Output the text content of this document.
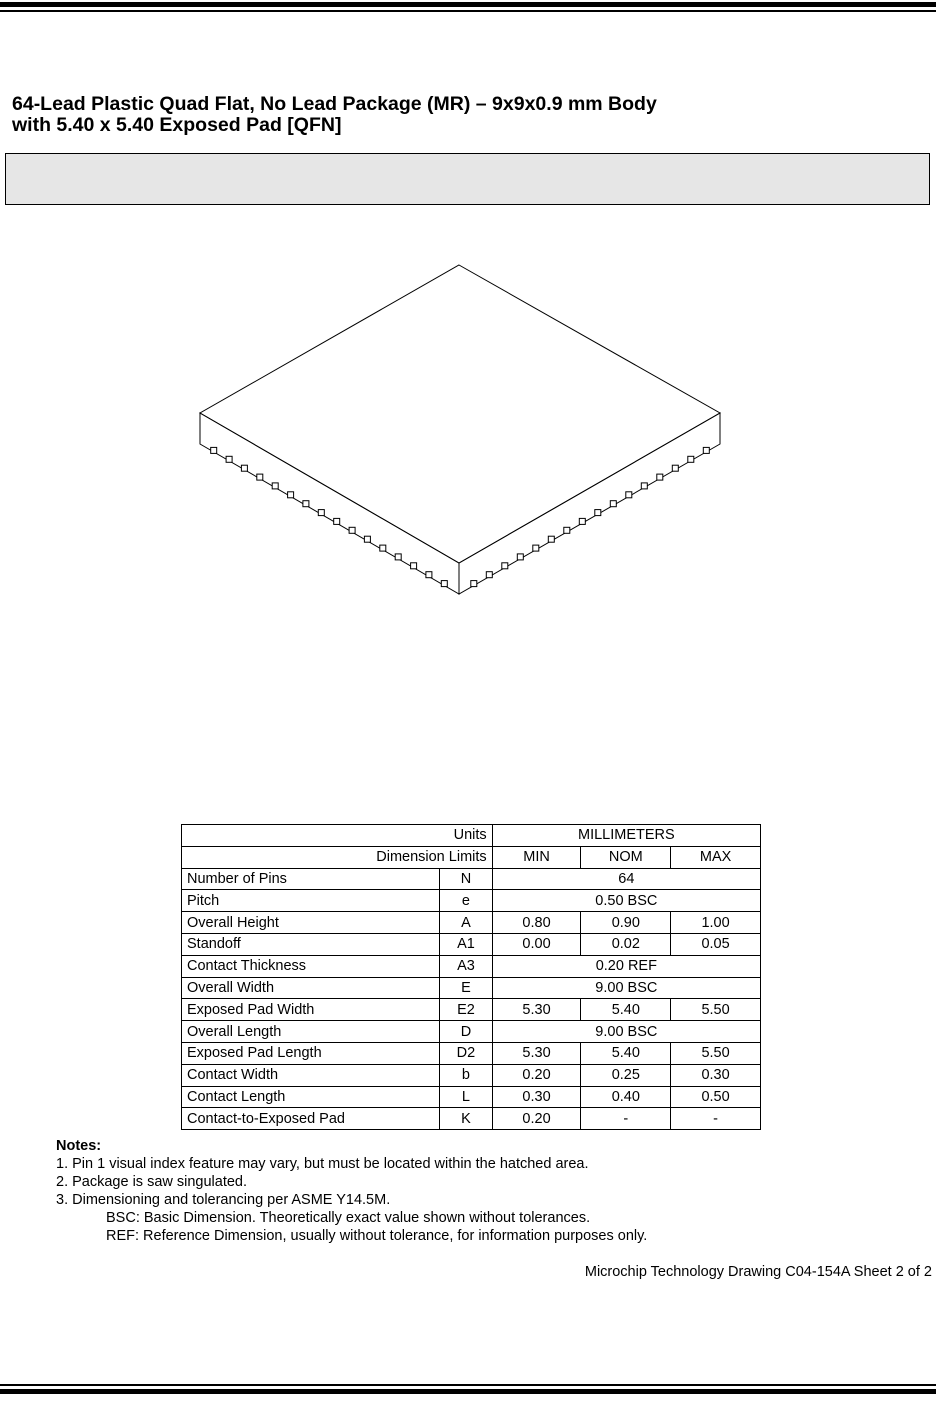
64-Lead Plastic Quad Flat, No Lead Package (MR) – 9x9x0.9 mm Body
with 5.40 x 5.40 Exposed Pad [QFN]
Units		MILLIMETERS		
Dimension Limits		MIN	NOM	MAX
Number of Pins	N	64		
Pitch	e	0.50 BSC		
Overall Height	A	0.80	0.90	1.00
Standoff	A1	0.00	0.02	0.05
Contact Thickness	A3	0.20 REF		
Overall Width	E	9.00 BSC		
Exposed Pad Width	E2	5.30	5.40	5.50
Overall Length	D	9.00 BSC		
Exposed Pad Length	D2	5.30	5.40	5.50
Contact Width	b	0.20	0.25	0.30
Contact Length	L	0.30	0.40	0.50
Contact-to-Exposed Pad	K	0.20	-	-
Notes:
1. Pin 1 visual index feature may vary, but must be located within the hatched area.
2. Package is saw singulated.
3. Dimensioning and tolerancing per ASME Y14.5M.
BSC: Basic Dimension. Theoretically exact value shown without tolerances.
REF: Reference Dimension, usually without tolerance, for information purposes only.
Microchip Technology Drawing C04-154A Sheet 2 of 2
